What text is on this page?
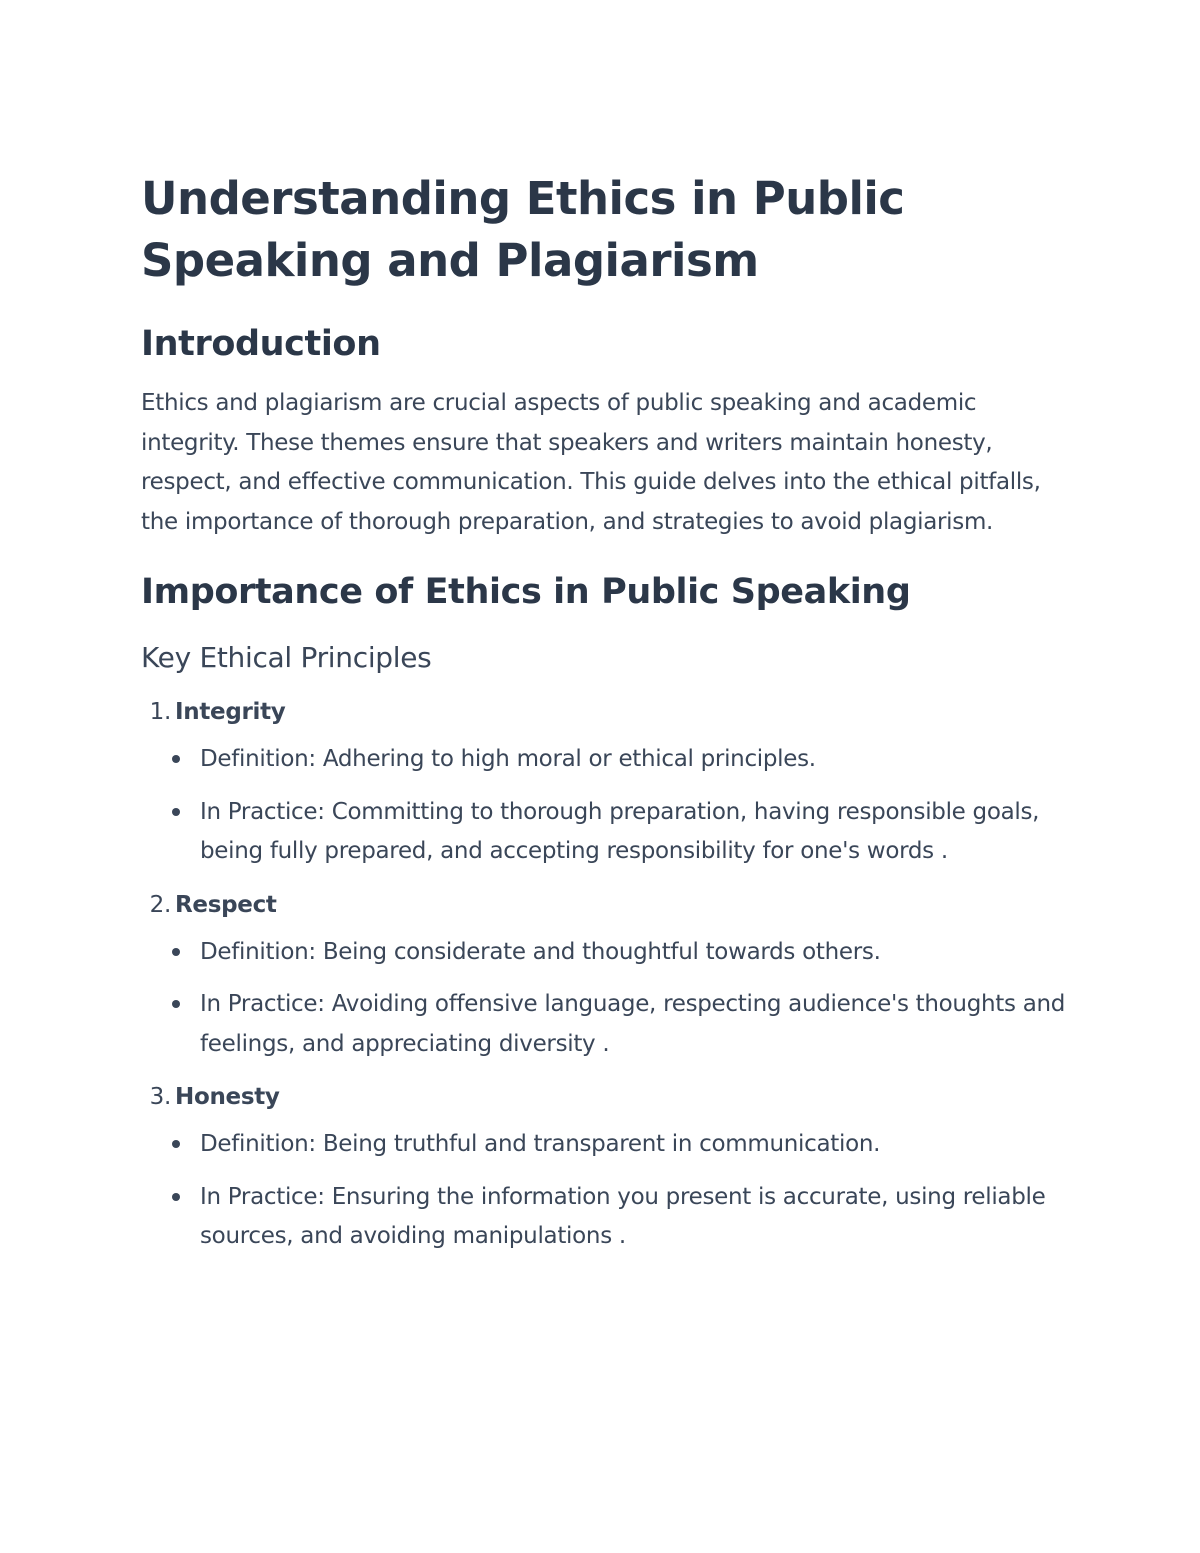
Understanding Ethics in Public Speaking and Plagiarism
Introduction

Ethics and plagiarism are crucial aspects of public speaking and academic integrity. These themes ensure that speakers and writers maintain honesty, respect, and effective communication. This guide delves into the ethical pitfalls, the importance of thorough preparation, and strategies to avoid plagiarism.

Importance of Ethics in Public Speaking
Key Ethical Principles
1. Integrity
Definition: Adhering to high moral or ethical principles.
In Practice: Committing to thorough preparation, having responsible goals, being fully prepared, and accepting responsibility for one's words .
2. Respect
Definition: Being considerate and thoughtful towards others.
In Practice: Avoiding offensive language, respecting audience's thoughts and feelings, and appreciating diversity .
3. Honesty
Definition: Being truthful and transparent in communication.
In Practice: Ensuring the information you present is accurate, using reliable sources, and avoiding manipulations .
